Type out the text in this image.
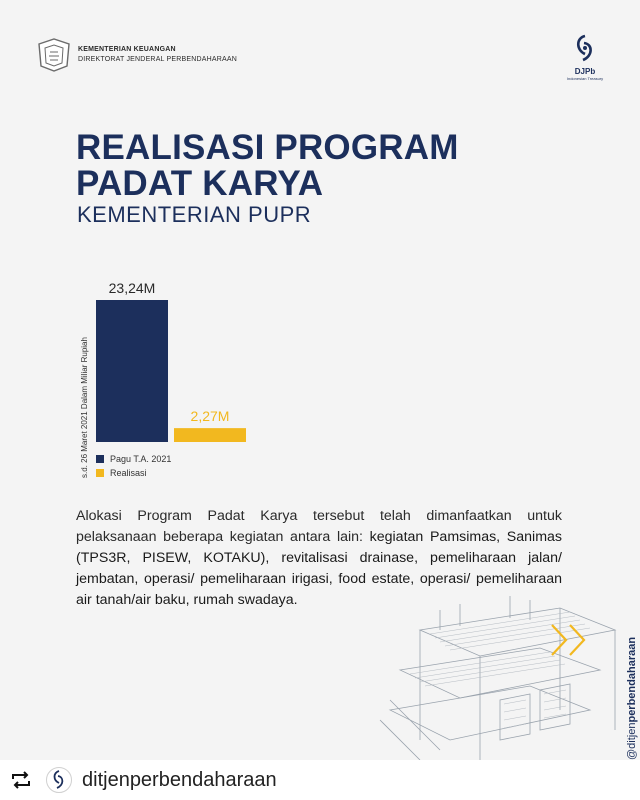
KEMENTERIAN KEUANGAN
DIREKTORAT JENDERAL PERBENDAHARAAN
DJPb
Indonesian Treasury
REALISASI PROGRAM
PADAT KARYA
KEMENTERIAN PUPR
s.d. 26 Maret 2021 Dalam Miliar Rupiah
23,24M
2,27M
Pagu T.A. 2021
Realisasi
Alokasi Program Padat Karya tersebut telah dimanfaatkan untuk pelaksanaan beberapa kegiatan antara lain: kegiatan Pamsimas, Sanimas (TPS3R, PISEW, KOTAKU), revitalisasi drainase, pemeliharaan jalan/ jembatan, operasi/ pemeliharaan irigasi, food estate, operasi/ pemeliharaan air tanah/air baku, rumah swadaya.
@ditjenperbendaharaan
ditjenperbendaharaan
